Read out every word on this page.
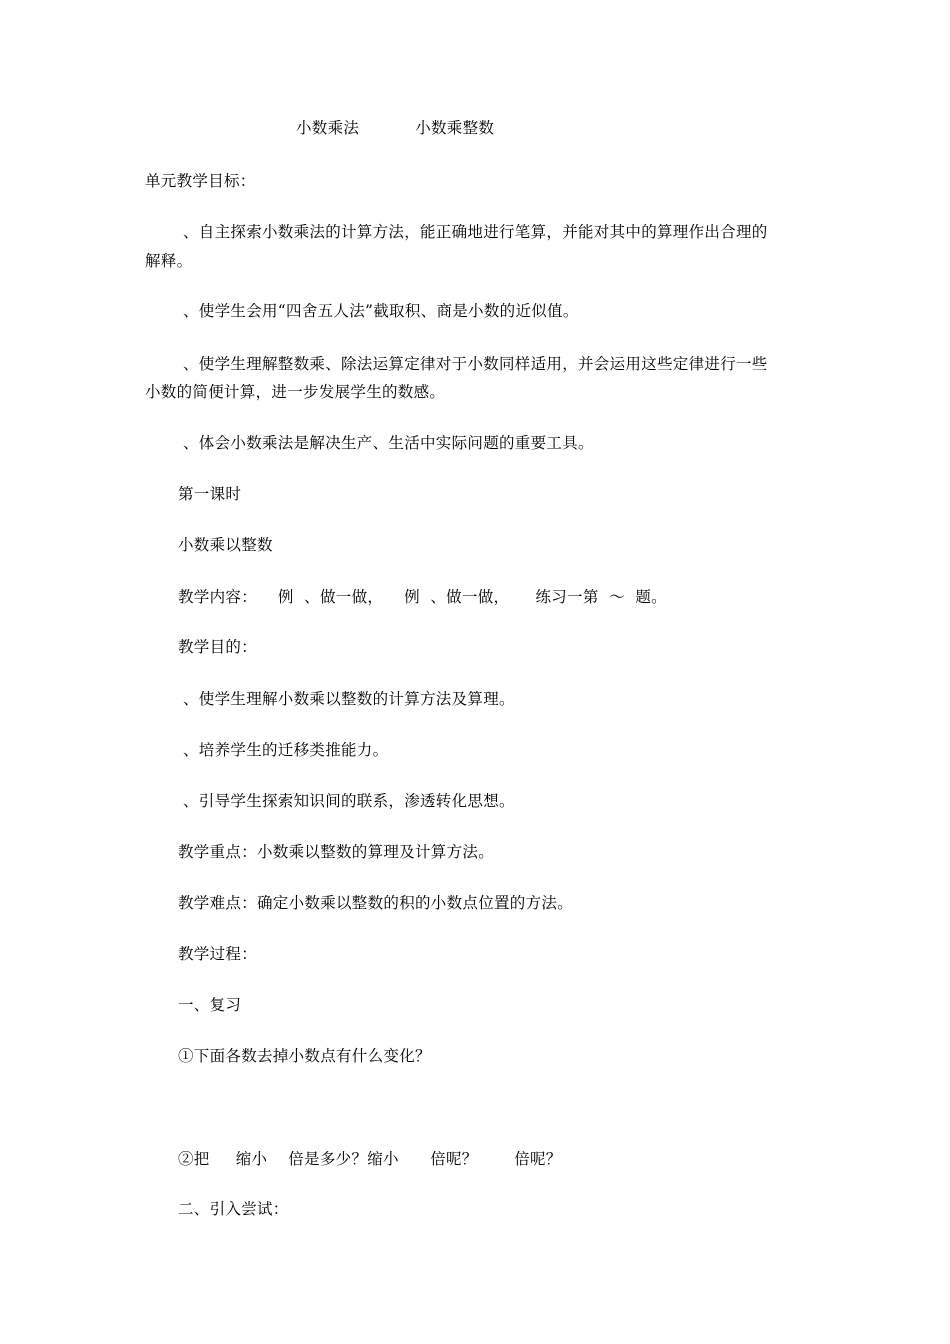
小数乘法	小数乘整数
单元教学目标：
、自主探索小数乘法的计算方法，能正确地进行笔算，并能对其中的算理作出合理的
解释。
、使学生会用“四舍五人法”截取积、商是小数的近似值。
、使学生理解整数乘、除法运算定律对于小数同样适用，并会运用这些定律进行一些
小数的简便计算，进一步发展学生的数感。
、体会小数乘法是解决生产、生活中实际问题的重要工具。
第一课时
小数乘以整数
教学内容：    例  、做一做，    例  、做一做，     练习一第  ～  题。
教学目的：
、使学生理解小数乘以整数的计算方法及算理。
、培养学生的迁移类推能力。
、引导学生探索知识间的联系，渗透转化思想。
教学重点：小数乘以整数的算理及计算方法。
教学难点：确定小数乘以整数的积的小数点位置的方法。
教学过程：
一、复习
①下面各数去掉小数点有什么变化？
②把     缩小    倍是多少？缩小      倍呢？       倍呢？
二、引入尝试：
